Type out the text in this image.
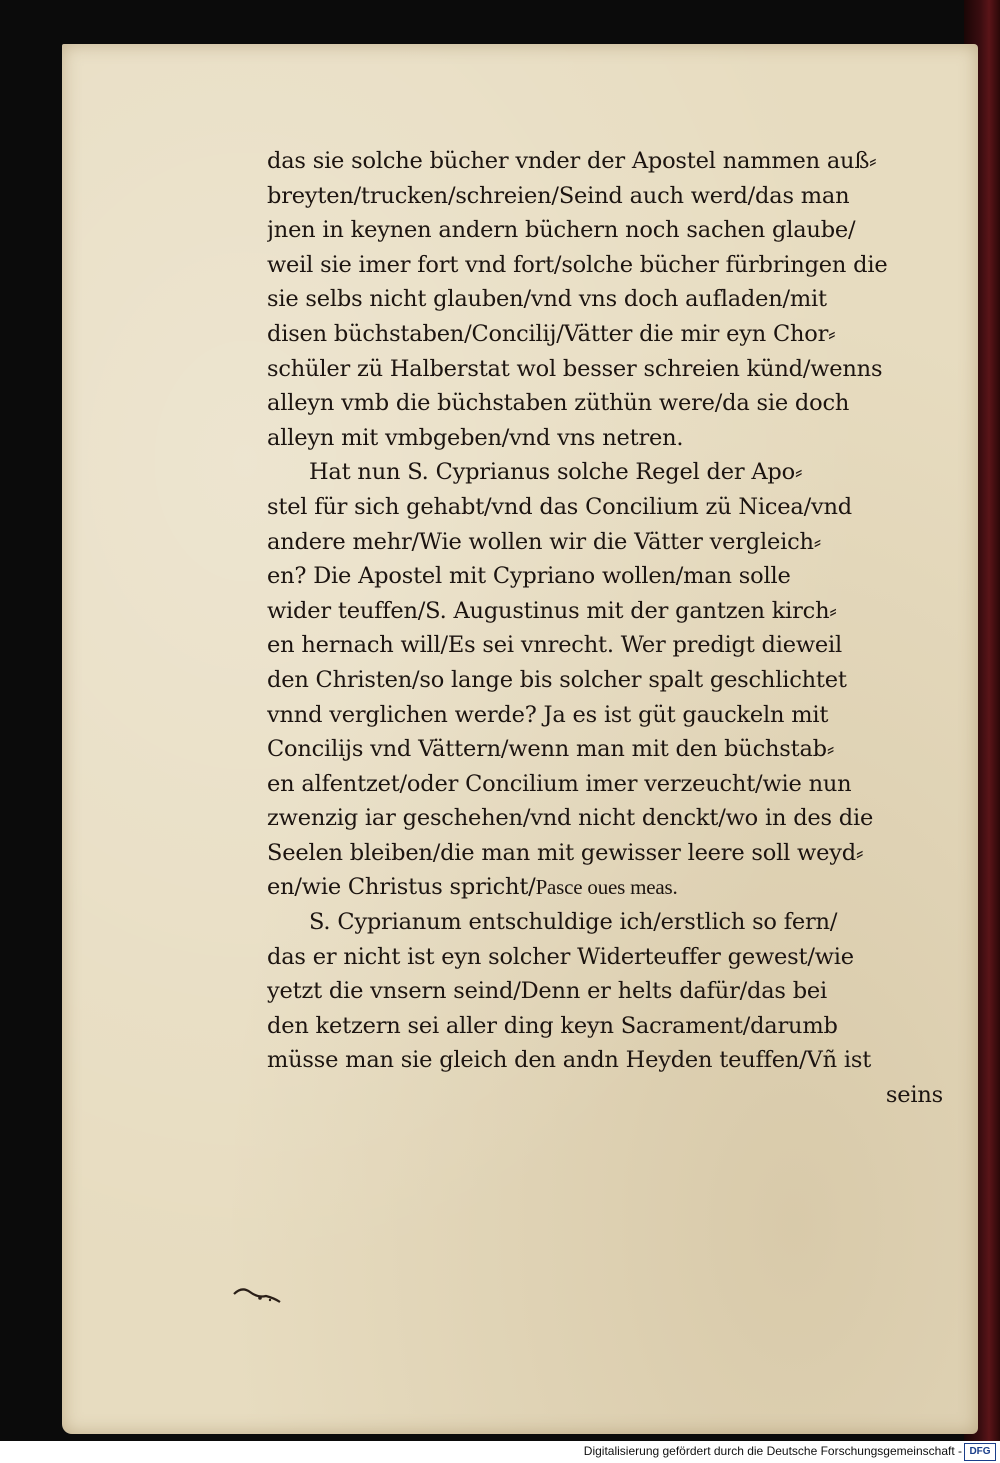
das sie solche bücher vnder der Apostel nammen auß⸗
breyten/trucken/schreien/Seind auch werd/das man
jnen in keynen andern büchern noch sachen glaube/
weil sie imer fort vnd fort/solche bücher fürbringen die
sie selbs nicht glauben/vnd vns doch aufladen/mit
disen büchstaben/Concilij/Vätter die mir eyn Chor⸗
schüler zü Halberstat wol besser schreien künd/wenns
alleyn vmb die büchstaben züthün were/da sie doch
alleyn mit vmbgeben/vnd vns netren.
Hat nun S. Cyprianus solche Regel der Apo⸗
stel für sich gehabt/vnd das Concilium zü Nicea/vnd
andere mehr/Wie wollen wir die Vätter vergleich⸗
en? Die Apostel mit Cypriano wollen/man solle
wider teuffen/S. Augustinus mit der gantzen kirch⸗
en hernach will/Es sei vnrecht. Wer predigt dieweil
den Christen/so lange bis solcher spalt geschlichtet
vnnd verglichen werde? Ja es ist güt gauckeln mit
Concilijs vnd Vättern/wenn man mit den büchstab⸗
en alfentzet/oder Concilium imer verzeucht/wie nun
zwenzig iar geschehen/vnd nicht denckt/wo in des die
Seelen bleiben/die man mit gewisser leere soll weyd⸗
en/wie Christus spricht/Pasce oues meas.
S. Cyprianum entschuldige ich/erstlich so fern/
das er nicht ist eyn solcher Widerteuffer gewest/wie
yetzt die vnsern seind/Denn er helts dafür/das bei
den ketzern sei aller ding keyn Sacrament/darumb
müsse man sie gleich den andn Heyden teuffen/Vñ ist
seins
Digitalisierung gefördert durch die Deutsche Forschungsgemeinschaft - DFG
